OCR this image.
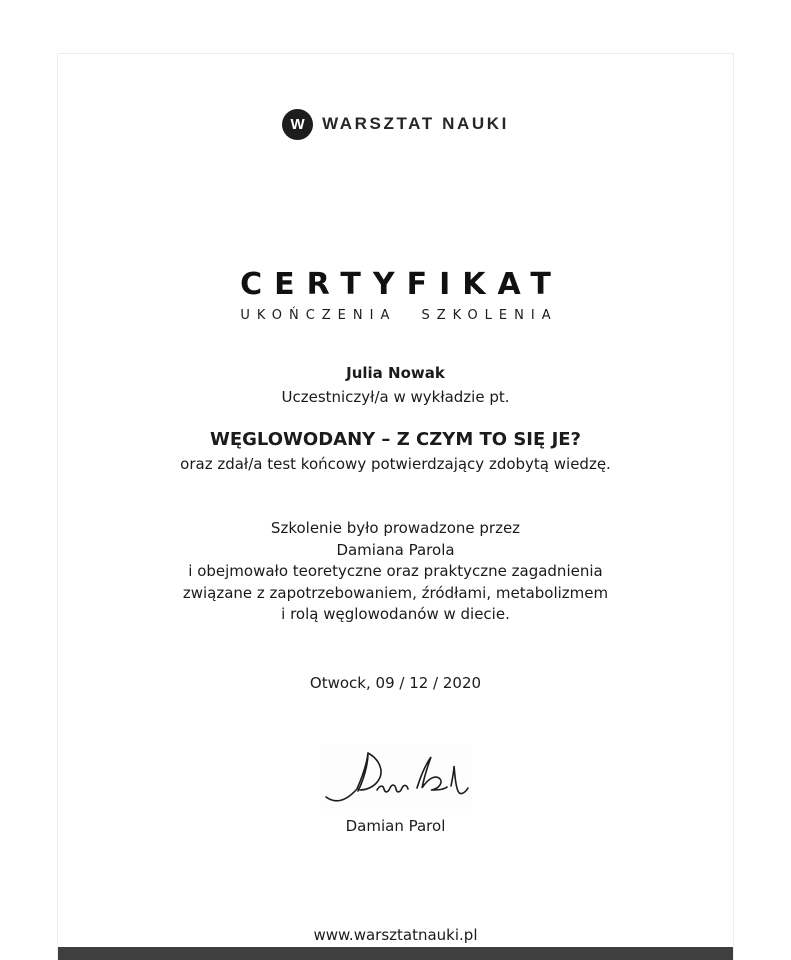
W WARSZTAT NAUKI
CERTYFIKAT
UKOŃCZENIA SZKOLENIA
Julia Nowak
Uczestniczył/a w wykładzie pt.
WĘGLOWODANY – Z CZYM TO SIĘ JE?
oraz zdał/a test końcowy potwierdzający zdobytą wiedzę.
Szkolenie było prowadzone przez
Damiana Parola
i obejmowało teoretyczne oraz praktyczne zagadnienia
związane z zapotrzebowaniem, źródłami, metabolizmem
i rolą węglowodanów w diecie.
Otwock, 09 / 12 / 2020
Damian Parol
www.warsztatnauki.pl
